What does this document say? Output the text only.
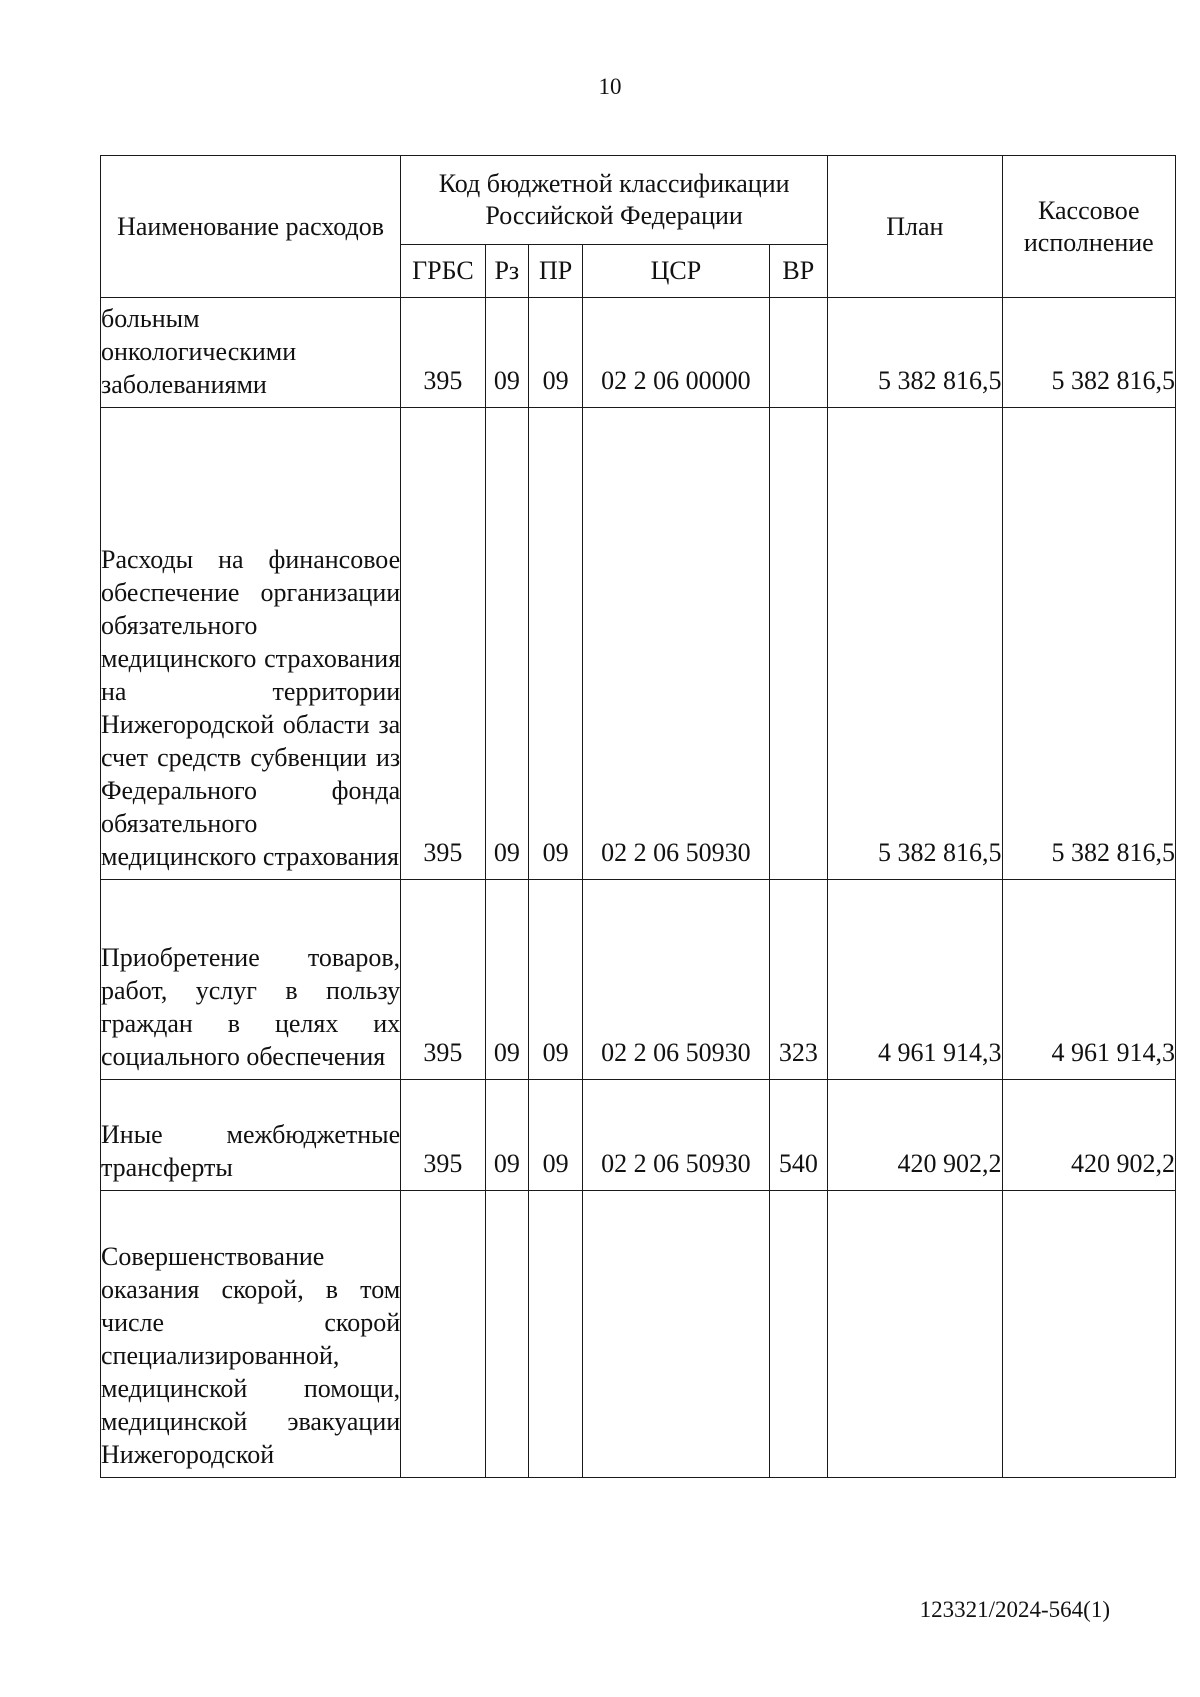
10
Наименование расходов	Код бюджетной классификации Российской Федерации					План	Кассовое исполнение
	ГРБС	Рз	ПР	ЦСР	ВР		

больным онкологическими заболеваниями	395	09	09	02 2 06 00000		5 382 816,5	5 382 816,5

Расходы на финансовое обеспечение организации обязательного медицинского страхования на территории Нижегородской области за счет средств субвенции из Федерального фонда обязательного медицинского страхования	395	09	09	02 2 06 50930		5 382 816,5	5 382 816,5

Приобретение товаров, работ, услуг в пользу граждан в целях их социального обеспечения	395	09	09	02 2 06 50930	323	4 961 914,3	4 961 914,3

Иные межбюджетные трансферты	395	09	09	02 2 06 50930	540	420 902,2	420 902,2

Совершенствование оказания скорой, в том числе скорой специализированной, медицинской помощи, медицинской эвакуации Нижегородской							

123321/2024-564(1)
